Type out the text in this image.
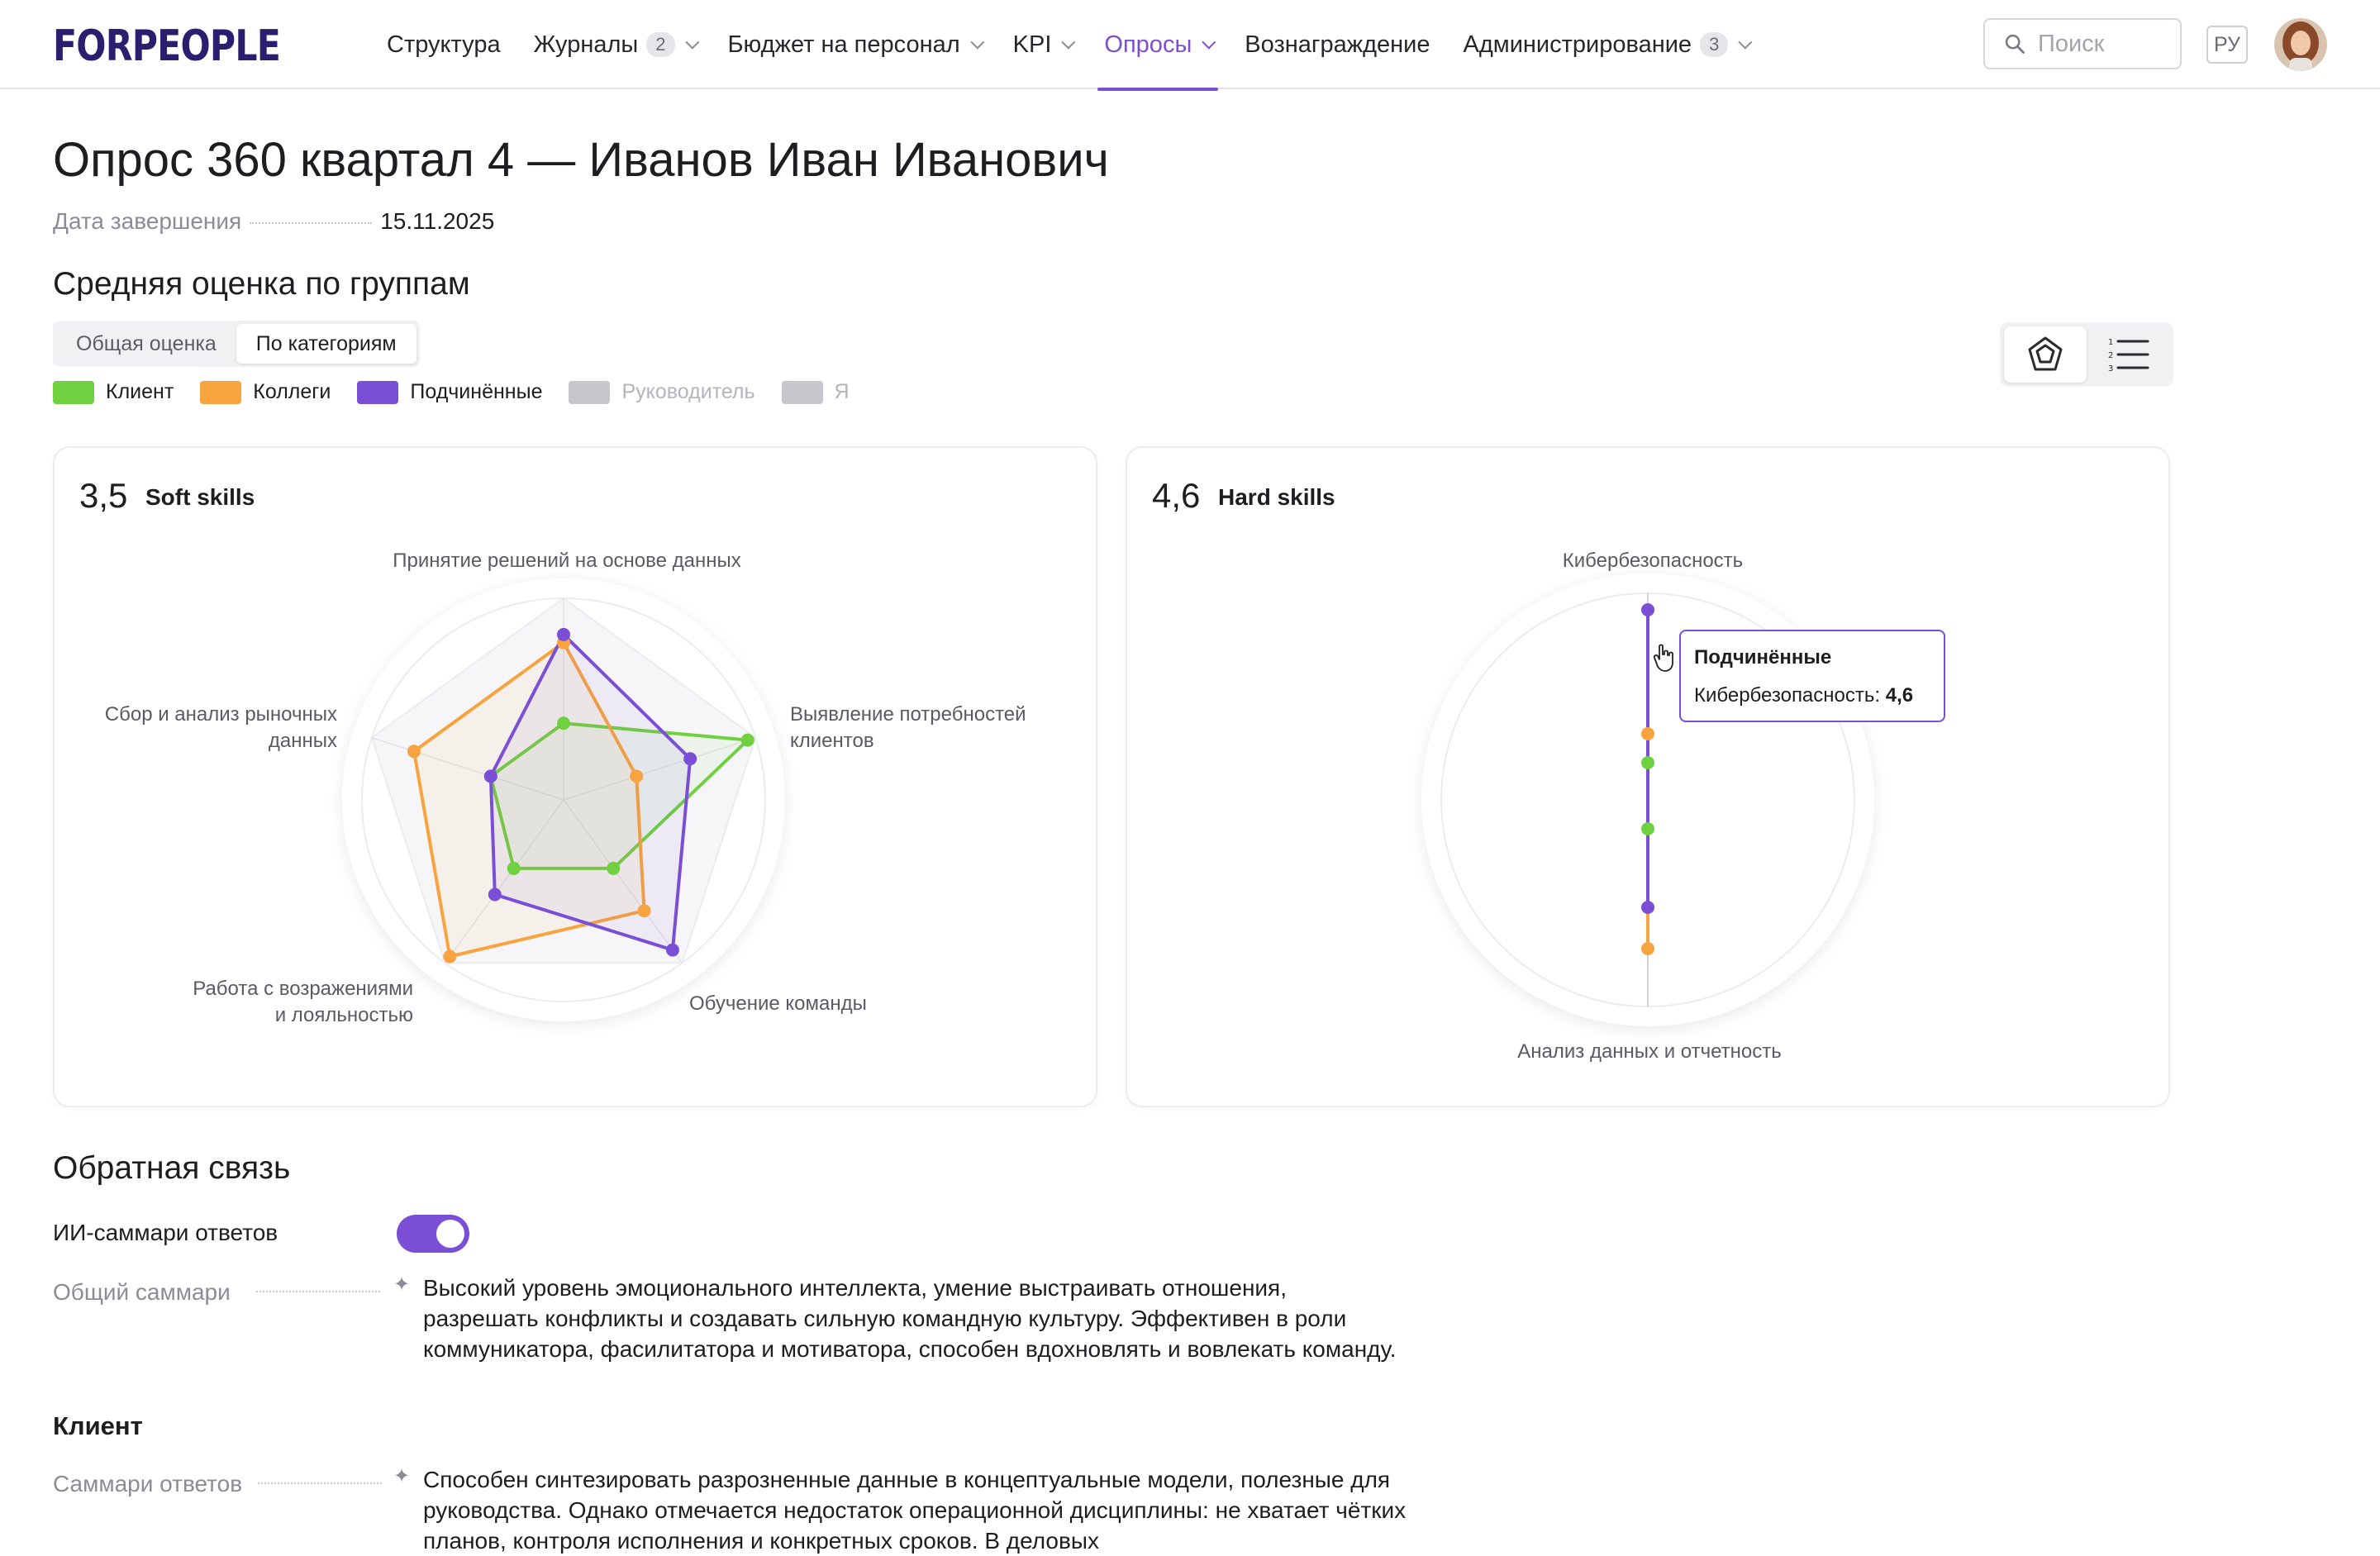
FORPEOPLE	Структура Журналы 2	Бюджет на персонал KPI Опросы Вознаграждение Администрирование 3
Поиск	РУ
Опрос 360 квартал 4 — Иванов Иван Иванович
Дата завершения	15.11.2025
Средняя оценка по группам
Общая оценка	По категориям
Клиент	Коллеги	Подчинённые	Руководитель	Я
1
2
3
3,5 Soft skills
Принятие решений на основе данных
Выявление потребностей клиентов
Обучение команды
Работа с возражениями и лояльностью
Сбор и анализ рыночных данных
4,6 Hard skills
Кибербезопасность
Анализ данных и отчетность
Подчинённые
Кибербезопасность: 4,6
Обратная связь
ИИ-саммари ответов
Общий саммари	✦ Высокий уровень эмоционального интеллекта, умение выстраивать отношения, разрешать конфликты и создавать сильную командную культуру. Эффективен в роли коммуникатора, фасилитатора и мотиватора, способен вдохновлять и вовлекать команду.
Клиент
Саммари ответов	✦ Способен синтезировать разрозненные данные в концептуальные модели, полезные для руководства. Однако отмечается недостаток операционной дисциплины: не хватает чётких планов, контроля исполнения и конкретных сроков. В деловых
